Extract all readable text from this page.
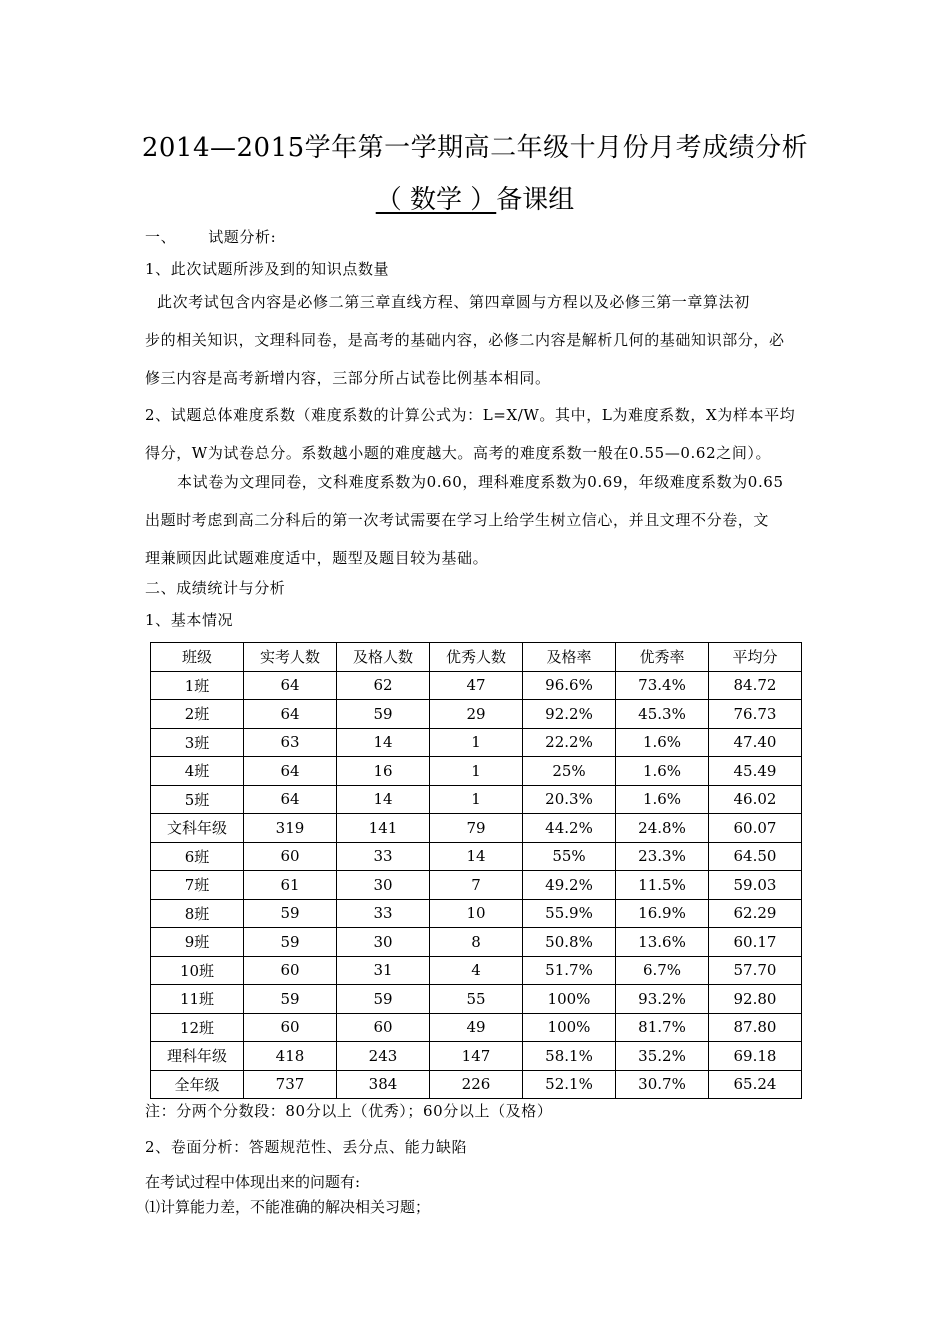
2014—2015学年第一学期高二年级十月份月考成绩分析
（ 数学 ）备课组
一、 试题分析:
1、此次试题所涉及到的知识点数量

此次考试包含内容是必修二第三章直线方程、第四章圆与方程以及必修三第一章算法初

步的相关知识，文理科同卷，是高考的基础内容，必修二内容是解析几何的基础知识部分，必

修三内容是高考新增内容，三部分所占试卷比例基本相同。

2、试题总体难度系数（难度系数的计算公式为：L=X/W。其中，L为难度系数，X为样本平均

得分，W为试卷总分。系数越小题的难度越大。高考的难度系数一般在0.55—0.62之间）。

本试卷为文理同卷，文科难度系数为0.60，理科难度系数为0.69，年级难度系数为0.65

出题时考虑到高二分科后的第一次考试需要在学习上给学生树立信心，并且文理不分卷，文

理兼顾因此试题难度适中，题型及题目较为基础。

二、成绩统计与分析
1、基本情况
班级	实考人数	及格人数	优秀人数	及格率	优秀率	平均分
1班	64	62	47	96.6%	73.4%	84.72
2班	64	59	29	92.2%	45.3%	76.73
3班	63	14	1	22.2%	1.6%	47.40
4班	64	16	1	25%	1.6%	45.49
5班	64	14	1	20.3%	1.6%	46.02
文科年级	319	141	79	44.2%	24.8%	60.07
6班	60	33	14	55%	23.3%	64.50
7班	61	30	7	49.2%	11.5%	59.03
8班	59	33	10	55.9%	16.9%	62.29
9班	59	30	8	50.8%	13.6%	60.17
10班	60	31	4	51.7%	6.7%	57.70
11班	59	59	55	100%	93.2%	92.80
12班	60	60	49	100%	81.7%	87.80
理科年级	418	243	147	58.1%	35.2%	69.18
全年级	737	384	226	52.1%	30.7%	65.24
注：分两个分数段：80分以上（优秀）；60分以上（及格）
2、卷面分析：答题规范性、丢分点、能力缺陷
在考试过程中体现出来的问题有:
⑴计算能力差，不能准确的解决相关习题；
